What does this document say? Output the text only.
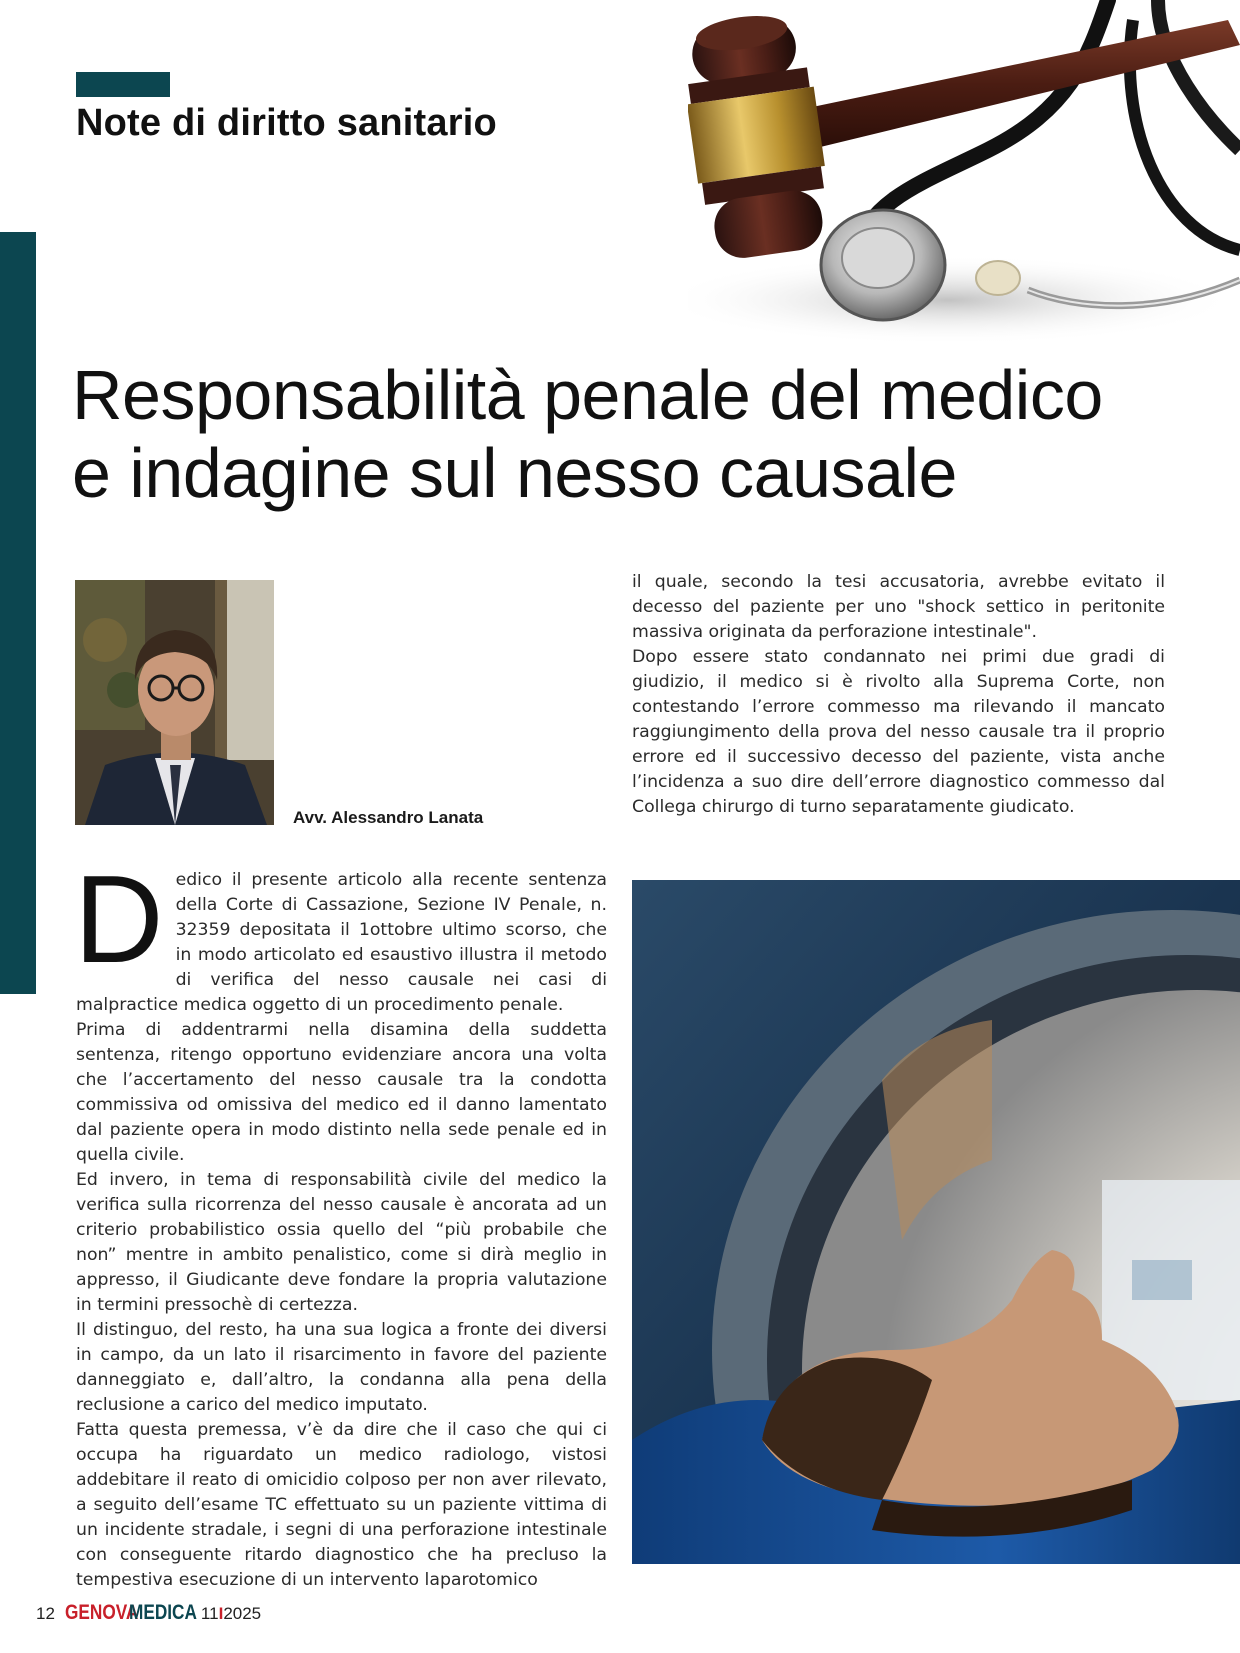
Note di diritto sanitario
Responsabilità penale del medico
e indagine sul nesso causale
Avv. Alessandro Lanata

il quale, secondo la tesi accusatoria, avrebbe evitato il decesso del paziente per uno "shock settico in peritonite massiva originata da perforazione intestinale".

Dopo essere stato condannato nei primi due gradi di giudizio, il medico si è rivolto alla Suprema Corte, non contestando l’errore commesso ma rilevando il mancato raggiungimento della prova del nesso causale tra il proprio errore ed il successivo decesso del paziente, vista anche l’incidenza a suo dire dell’errore diagnostico commesso dal Collega chirurgo di turno separatamente giudicato.

D edico il presente articolo alla recente sentenza della Corte di Cassazione, Sezione IV Penale, n. 32359 depositata il 1ottobre ultimo scorso, che in modo articolato ed esaustivo illustra il metodo di verifica del nesso causale nei casi di malpractice medica oggetto di un procedimento penale.

Prima di addentrarmi nella disamina della suddetta sentenza, ritengo opportuno evidenziare ancora una volta che l’accertamento del nesso causale tra la condotta commissiva od omissiva del medico ed il danno lamentato dal paziente opera in modo distinto nella sede penale ed in quella civile.

Ed invero, in tema di responsabilità civile del medico la verifica sulla ricorrenza del nesso causale è ancorata ad un criterio probabilistico ossia quello del “più probabile che non” mentre in ambito penalistico, come si dirà meglio in appresso, il Giudicante deve fondare la propria valutazione in termini pressochè di certezza.

Il distinguo, del resto, ha una sua logica a fronte dei diversi in campo, da un lato il risarcimento in favore del paziente danneggiato e, dall’altro, la condanna alla pena della reclusione a carico del medico imputato.

Fatta questa premessa, v’è da dire che il caso che qui ci occupa ha riguardato un medico radiologo, vistosi addebitare il reato di omicidio colposo per non aver rilevato, a seguito dell’esame TC effettuato su un paziente vittima di un incidente stradale, i segni di una perforazione intestinale con conseguente ritardo diagnostico che ha precluso la tempestiva esecuzione di un intervento laparotomico

12 GENOVAMEDICA 11I2025
